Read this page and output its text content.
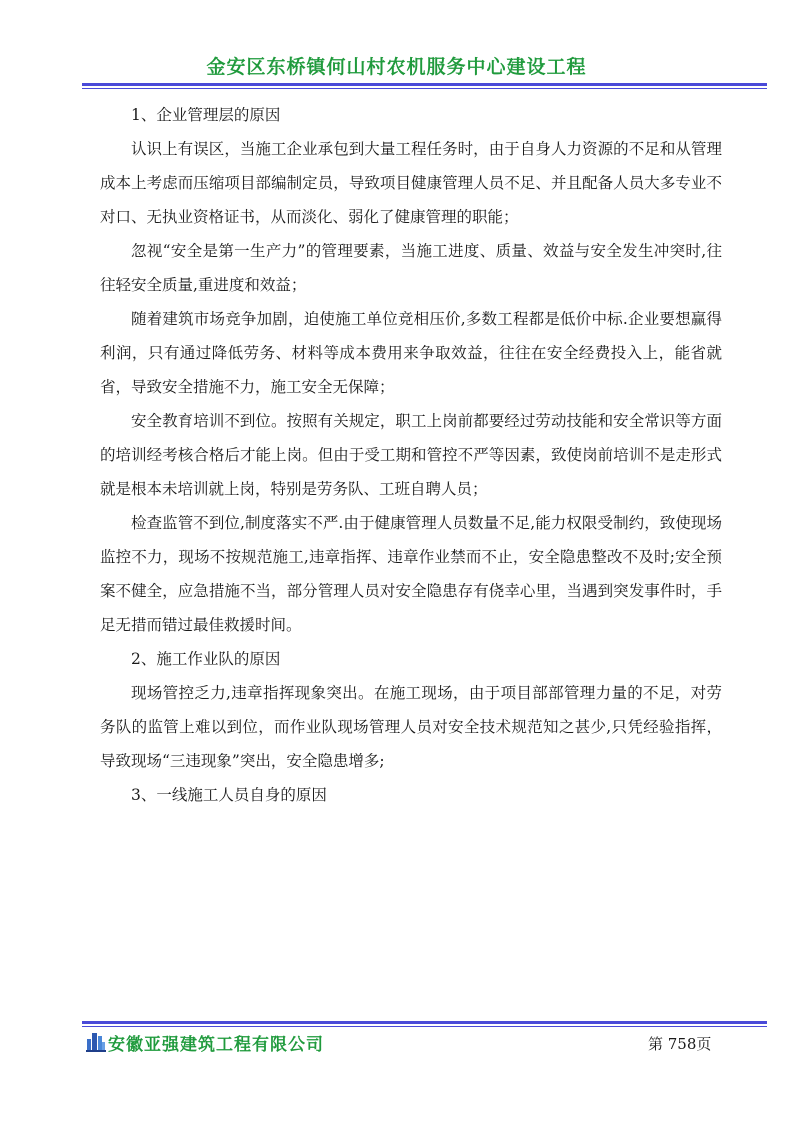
金安区东桥镇何山村农机服务中心建设工程

1、企业管理层的原因

认识上有误区，当施工企业承包到大量工程任务时，由于自身人力资源的不足和从管理成本上考虑而压缩项目部编制定员，导致项目健康管理人员不足、并且配备人员大多专业不对口、无执业资格证书，从而淡化、弱化了健康管理的职能；

忽视“安全是第一生产力”的管理要素，当施工进度、质量、效益与安全发生冲突时,往往轻安全质量,重进度和效益；

随着建筑市场竞争加剧，迫使施工单位竞相压价,多数工程都是低价中标.企业要想赢得利润，只有通过降低劳务、材料等成本费用来争取效益，往往在安全经费投入上，能省就省，导致安全措施不力，施工安全无保障；

安全教育培训不到位。按照有关规定，职工上岗前都要经过劳动技能和安全常识等方面的培训经考核合格后才能上岗。但由于受工期和管控不严等因素，致使岗前培训不是走形式就是根本未培训就上岗，特别是劳务队、工班自聘人员；

检查监管不到位,制度落实不严.由于健康管理人员数量不足,能力权限受制约，致使现场监控不力，现场不按规范施工,违章指挥、违章作业禁而不止，安全隐患整改不及时;安全预案不健全，应急措施不当，部分管理人员对安全隐患存有侥幸心里，当遇到突发事件时，手足无措而错过最佳救援时间。

2、施工作业队的原因

现场管控乏力,违章指挥现象突出。在施工现场，由于项目部部管理力量的不足，对劳务队的监管上难以到位，而作业队现场管理人员对安全技术规范知之甚少,只凭经验指挥，导致现场“三违现象”突出，安全隐患增多;

3、一线施工人员自身的原因

安徽亚强建筑工程有限公司	第 758页
